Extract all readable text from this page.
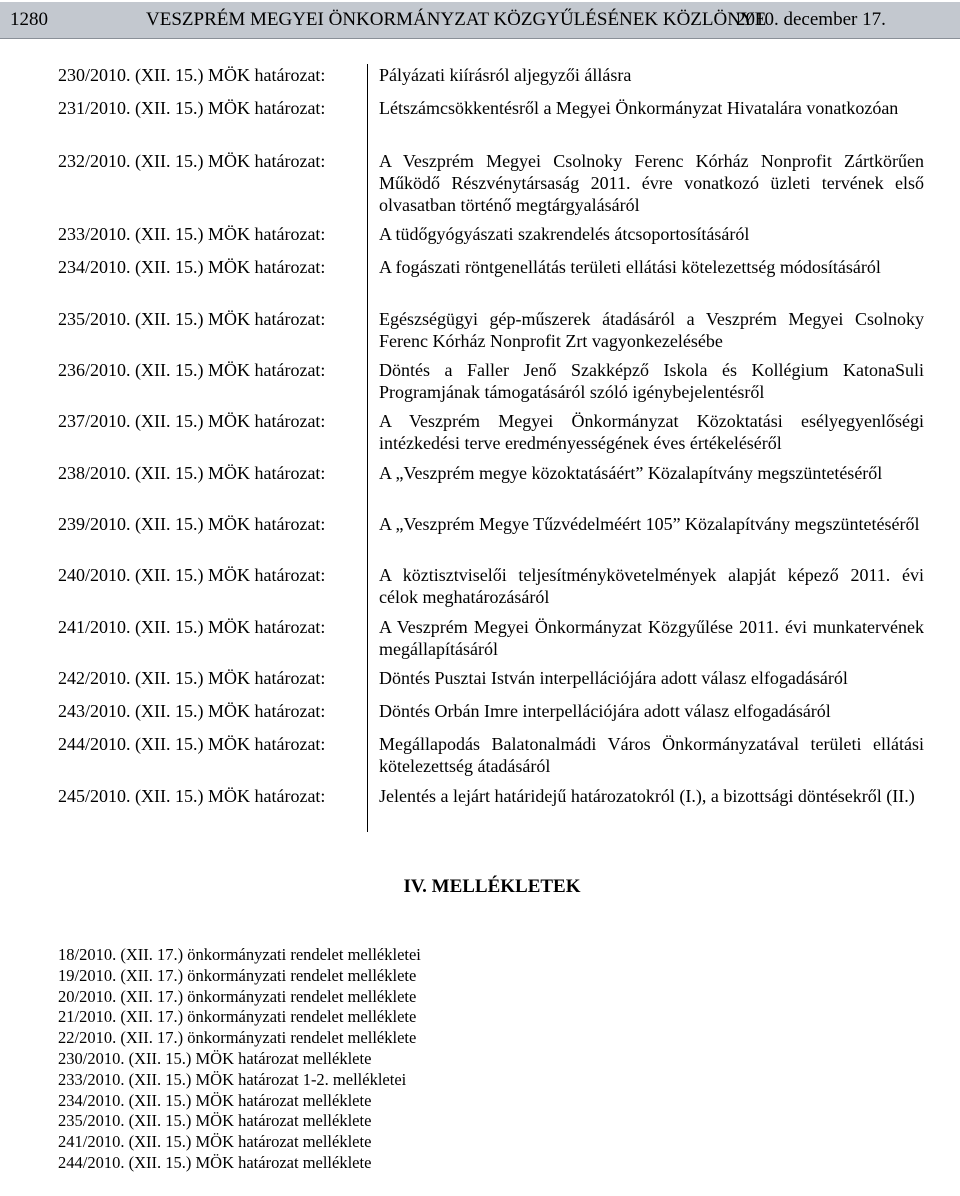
1280	VESZPRÉM MEGYEI ÖNKORMÁNYZAT KÖZGYŰLÉSÉNEK KÖZLÖNYE
2010. december 17.
230/2010. (XII. 15.) MÖK határozat:	Pályázati kiírásról aljegyzői állásra
231/2010. (XII. 15.) MÖK határozat:	Létszámcsökkentésről a Megyei Önkormányzat Hivatalára vonatkozóan
232/2010. (XII. 15.) MÖK határozat:	A Veszprém Megyei Csolnoky Ferenc Kórház Nonprofit Zártkörűen Működő Részvénytársaság 2011. évre vonatkozó üzleti tervének első olvasatban történő megtárgyalásáról
233/2010. (XII. 15.) MÖK határozat:	A tüdőgyógyászati szakrendelés átcsoportosításáról
234/2010. (XII. 15.) MÖK határozat:	A fogászati röntgenellátás területi ellátási kötelezettség módosításáról
235/2010. (XII. 15.) MÖK határozat:	Egészségügyi gép-műszerek átadásáról a Veszprém Megyei Csolnoky Ferenc Kórház Nonprofit Zrt vagyonkezelésébe
236/2010. (XII. 15.) MÖK határozat:	Döntés a Faller Jenő Szakképző Iskola és Kollégium KatonaSuli Programjának támogatásáról szóló igénybejelentésről
237/2010. (XII. 15.) MÖK határozat:	A Veszprém Megyei Önkormányzat Közoktatási esélyegyenlőségi intézkedési terve eredményességének éves értékeléséről
238/2010. (XII. 15.) MÖK határozat:	A „Veszprém megye közoktatásáért” Közalapítvány megszüntetéséről
239/2010. (XII. 15.) MÖK határozat:	A „Veszprém Megye Tűzvédelméért 105” Közalapítvány megszüntetéséről
240/2010. (XII. 15.) MÖK határozat:	A köztisztviselői teljesítménykövetelmények alapját képező 2011. évi célok meghatározásáról
241/2010. (XII. 15.) MÖK határozat:	A Veszprém Megyei Önkormányzat Közgyűlése 2011. évi munkatervének megállapításáról
242/2010. (XII. 15.) MÖK határozat:	Döntés Pusztai István interpellációjára adott válasz elfogadásáról
243/2010. (XII. 15.) MÖK határozat:	Döntés Orbán Imre interpellációjára adott válasz elfogadásáról
244/2010. (XII. 15.) MÖK határozat:	Megállapodás Balatonalmádi Város Önkormányzatával területi ellátási kötelezettség átadásáról
245/2010. (XII. 15.) MÖK határozat:	Jelentés a lejárt határidejű határozatokról (I.), a bizottsági döntésekről (II.)
IV. MELLÉKLETEK
18/2010. (XII. 17.) önkormányzati rendelet mellékletei
19/2010. (XII. 17.) önkormányzati rendelet melléklete
20/2010. (XII. 17.) önkormányzati rendelet melléklete
21/2010. (XII. 17.) önkormányzati rendelet melléklete
22/2010. (XII. 17.) önkormányzati rendelet melléklete
230/2010. (XII. 15.) MÖK határozat melléklete
233/2010. (XII. 15.) MÖK határozat 1-2. mellékletei
234/2010. (XII. 15.) MÖK határozat melléklete
235/2010. (XII. 15.) MÖK határozat melléklete
241/2010. (XII. 15.) MÖK határozat melléklete
244/2010. (XII. 15.) MÖK határozat melléklete
